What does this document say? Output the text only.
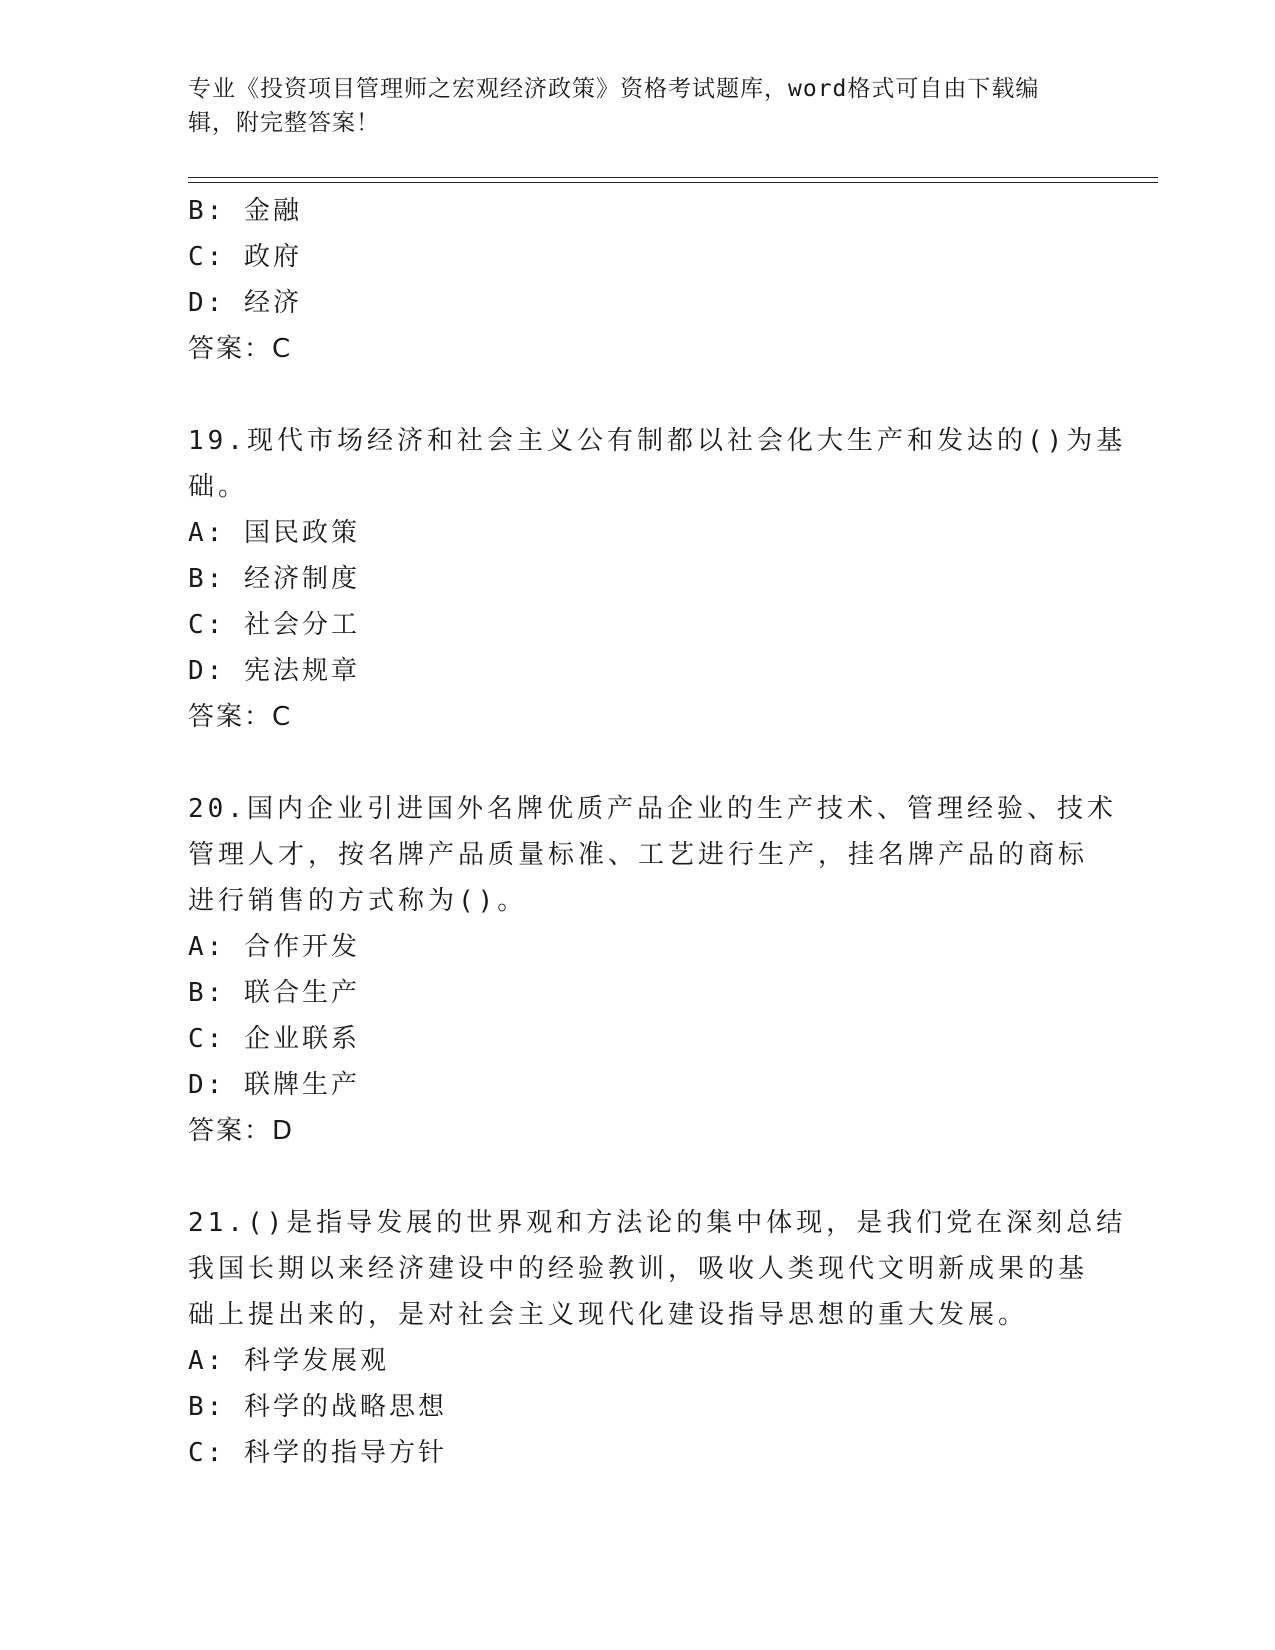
专业《投资项目管理师之宏观经济政策》资格考试题库，word格式可自由下载编
辑，附完整答案！
B: 金融
C: 政府
D: 经济
答案：C
19.现代市场经济和社会主义公有制都以社会化大生产和发达的()为基
础。
A: 国民政策
B: 经济制度
C: 社会分工
D: 宪法规章
答案：C
20.国内企业引进国外名牌优质产品企业的生产技术、管理经验、技术
管理人才，按名牌产品质量标准、工艺进行生产，挂名牌产品的商标
进行销售的方式称为()。
A: 合作开发
B: 联合生产
C: 企业联系
D: 联牌生产
答案：D
21.()是指导发展的世界观和方法论的集中体现，是我们党在深刻总结
我国长期以来经济建设中的经验教训，吸收人类现代文明新成果的基
础上提出来的，是对社会主义现代化建设指导思想的重大发展。
A: 科学发展观
B: 科学的战略思想
C: 科学的指导方针
